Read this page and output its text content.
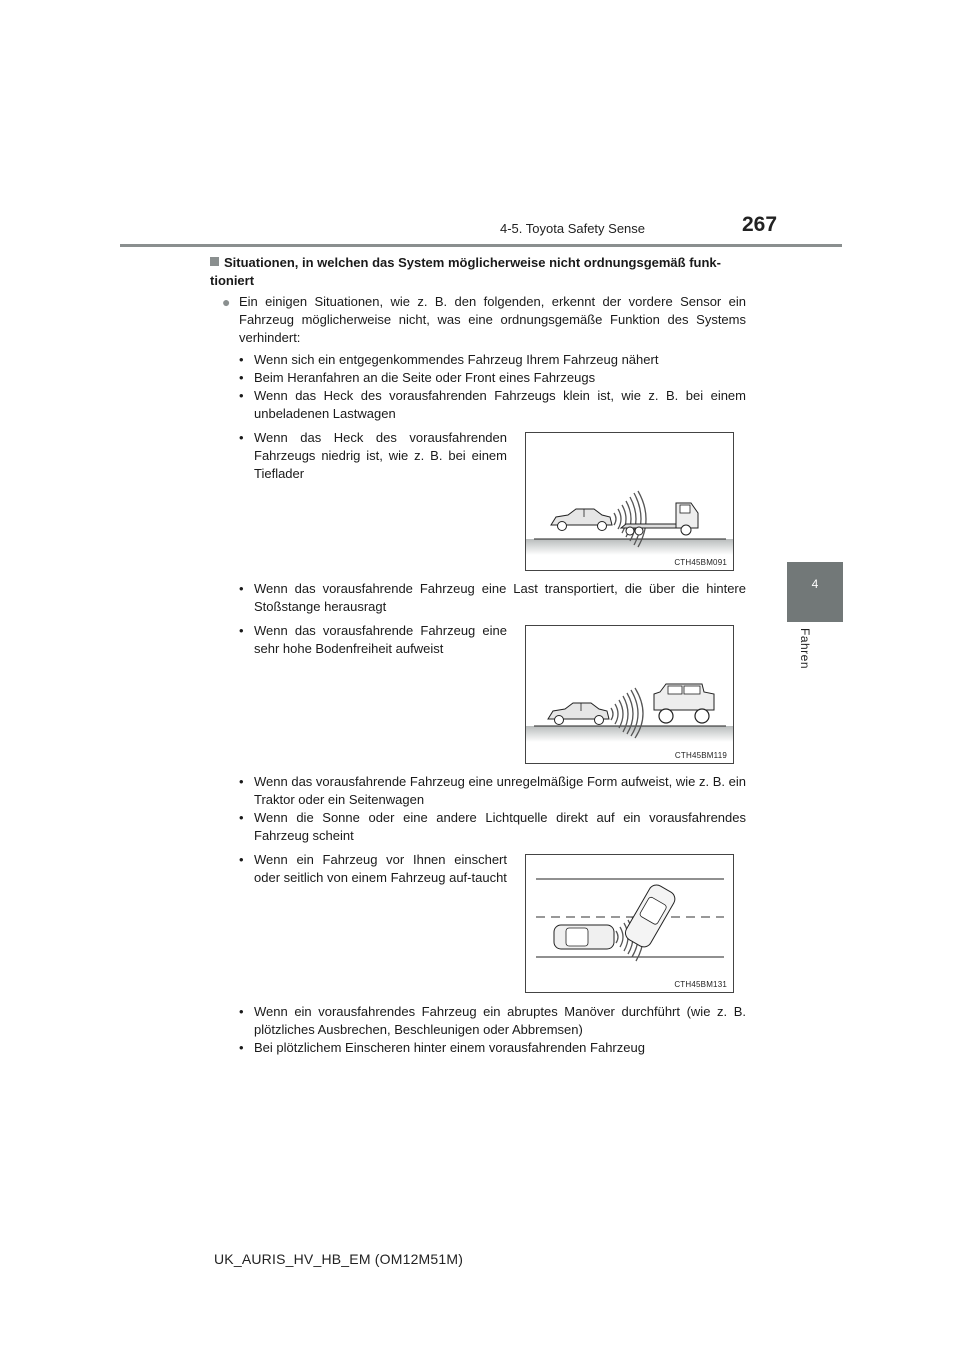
4-5. Toyota Safety Sense	267
4
Fahren
Situationen, in welchen das System möglicherweise nicht ordnungsgemäß funk-tioniert
● Ein einigen Situationen, wie z. B. den folgenden, erkennt der vordere Sensor ein Fahrzeug möglicherweise nicht, was eine ordnungsgemäße Funktion des Systems verhindert:
• Wenn sich ein entgegenkommendes Fahrzeug Ihrem Fahrzeug nähert
• Beim Heranfahren an die Seite oder Front eines Fahrzeugs
• Wenn das Heck des vorausfahrenden Fahrzeugs klein ist, wie z. B. bei einem unbeladenen Lastwagen
• Wenn das Heck des vorausfahrenden Fahrzeugs niedrig ist, wie z. B. bei einem Tieflader
CTH45BM091
• Wenn das vorausfahrende Fahrzeug eine Last transportiert, die über die hintere Stoßstange herausragt
• Wenn das vorausfahrende Fahrzeug eine sehr hohe Bodenfreiheit aufweist
CTH45BM119
• Wenn das vorausfahrende Fahrzeug eine unregelmäßige Form aufweist, wie z. B. ein Traktor oder ein Seitenwagen
• Wenn die Sonne oder eine andere Lichtquelle direkt auf ein vorausfahrendes Fahrzeug scheint
• Wenn ein Fahrzeug vor Ihnen einschert oder seitlich von einem Fahrzeug auf-taucht
CTH45BM131
• Wenn ein vorausfahrendes Fahrzeug ein abruptes Manöver durchführt (wie z. B. plötzliches Ausbrechen, Beschleunigen oder Abbremsen)
• Bei plötzlichem Einscheren hinter einem vorausfahrenden Fahrzeug
UK_AURIS_HV_HB_EM (OM12M51M)
